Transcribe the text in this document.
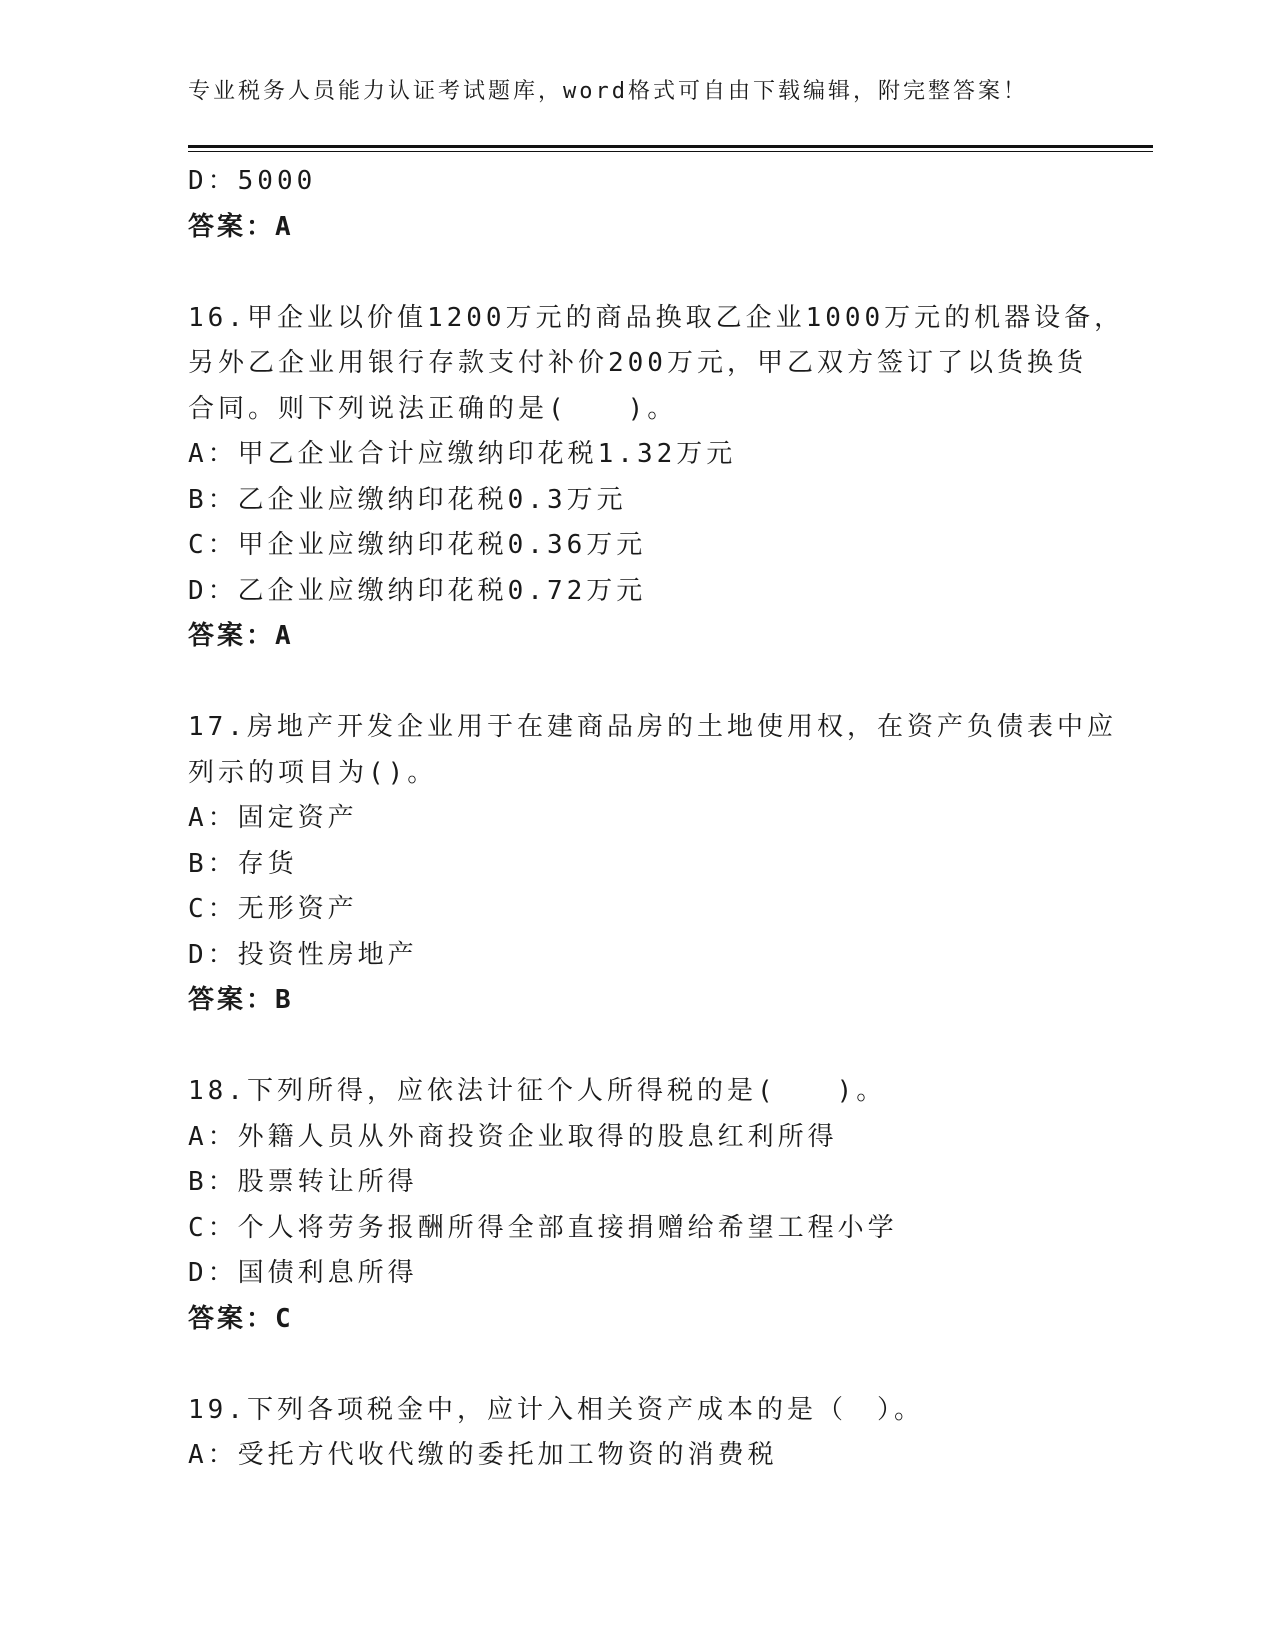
专业税务人员能力认证考试题库，word格式可自由下载编辑，附完整答案！
D：5000
答案：A
16.甲企业以价值1200万元的商品换取乙企业1000万元的机器设备，
另外乙企业用银行存款支付补价200万元，甲乙双方签订了以货换货
合同。则下列说法正确的是(　　)。
A：甲乙企业合计应缴纳印花税1.32万元
B：乙企业应缴纳印花税0.3万元
C：甲企业应缴纳印花税0.36万元
D：乙企业应缴纳印花税0.72万元
答案：A
17.房地产开发企业用于在建商品房的土地使用权，在资产负债表中应
列示的项目为()。
A：固定资产
B：存货
C：无形资产
D：投资性房地产
答案：B
18.下列所得，应依法计征个人所得税的是(　　)。
A：外籍人员从外商投资企业取得的股息红利所得
B：股票转让所得
C：个人将劳务报酬所得全部直接捐赠给希望工程小学
D：国债利息所得
答案：C
19.下列各项税金中，应计入相关资产成本的是（　）。
A：受托方代收代缴的委托加工物资的消费税
